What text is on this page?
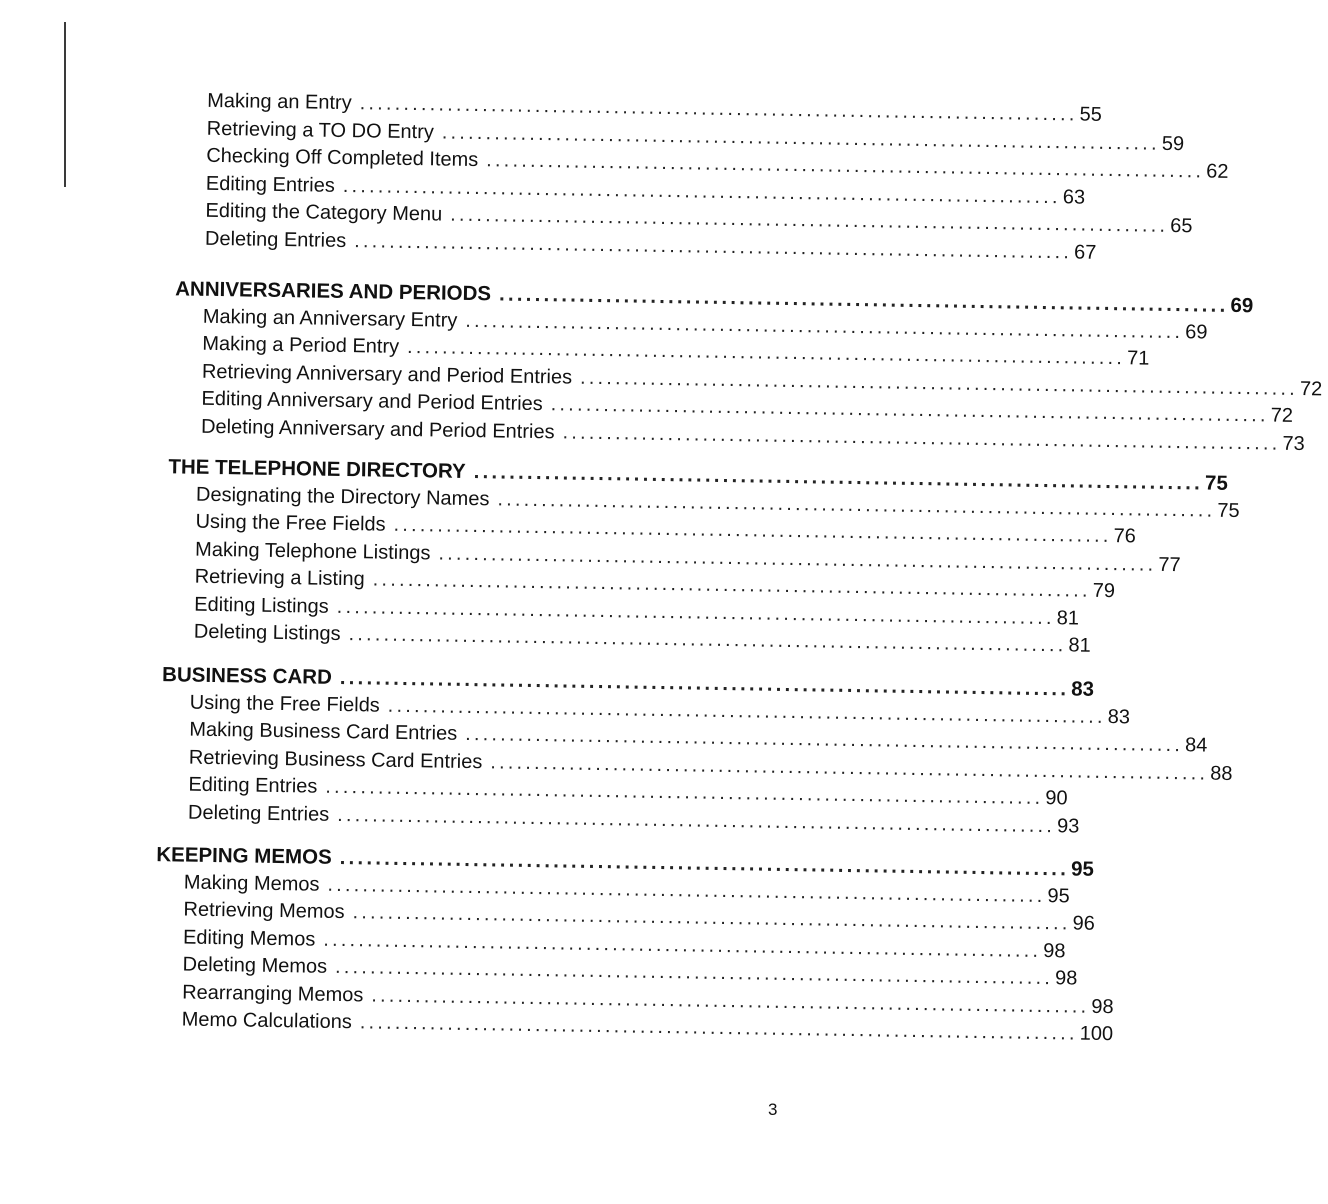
Making an Entry .................................................................................. 55
Retrieving a TO DO Entry .................................................................................. 59
Checking Off Completed Items .................................................................................. 62
Editing Entries .................................................................................. 63
Editing the Category Menu .................................................................................. 65
Deleting Entries .................................................................................. 67
ANNIVERSARIES AND PERIODS .................................................................................. 69
Making an Anniversary Entry .................................................................................. 69
Making a Period Entry .................................................................................. 71
Retrieving Anniversary and Period Entries .................................................................................. 72
Editing Anniversary and Period Entries .................................................................................. 72
Deleting Anniversary and Period Entries .................................................................................. 73
THE TELEPHONE DIRECTORY .................................................................................. 75
Designating the Directory Names .................................................................................. 75
Using the Free Fields .................................................................................. 76
Making Telephone Listings .................................................................................. 77
Retrieving a Listing .................................................................................. 79
Editing Listings .................................................................................. 81
Deleting Listings .................................................................................. 81
BUSINESS CARD .................................................................................. 83
Using the Free Fields .................................................................................. 83
Making Business Card Entries .................................................................................. 84
Retrieving Business Card Entries .................................................................................. 88
Editing Entries .................................................................................. 90
Deleting Entries .................................................................................. 93
KEEPING MEMOS .................................................................................. 95
Making Memos .................................................................................. 95
Retrieving Memos .................................................................................. 96
Editing Memos .................................................................................. 98
Deleting Memos .................................................................................. 98
Rearranging Memos .................................................................................. 98
Memo Calculations .................................................................................. 100
3
